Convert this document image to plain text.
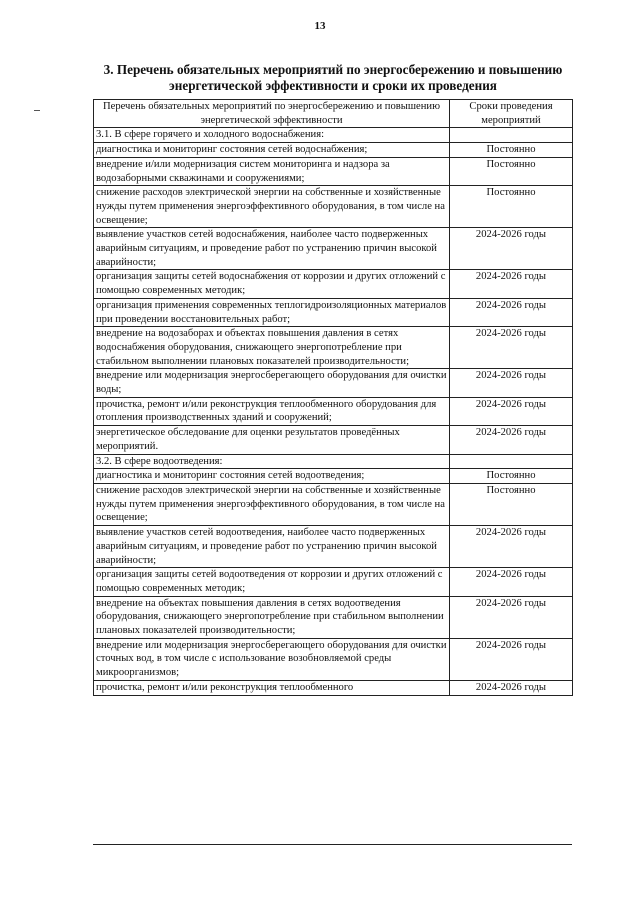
13
3. Перечень обязательных мероприятий по энергосбережению и повышению энергетической эффективности и сроки их проведения
Перечень обязательных мероприятий по энергосбережению и повышению энергетической эффективности	Сроки проведения мероприятий
3.1. В сфере горячего и холодного водоснабжения:	
диагностика и мониторинг состояния сетей водоснабжения;	Постоянно
внедрение и/или модернизация систем мониторинга и надзора за водозаборными скважинами и сооружениями;	Постоянно
снижение расходов электрической энергии на собственные и хозяйственные нужды путем применения энергоэффективного оборудования, в том числе на освещение;	Постоянно
выявление участков сетей водоснабжения, наиболее часто подверженных аварийным ситуациям, и проведение работ по устранению причин высокой аварийности;	2024-2026 годы
организация защиты сетей водоснабжения от коррозии и других отложений с помощью современных методик;	2024-2026 годы
организация применения современных теплогидроизоляционных материалов при проведении восстановительных работ;	2024-2026 годы
внедрение на водозаборах и объектах повышения давления в сетях водоснабжения оборудования, снижающего энергопотребление при стабильном выполнении плановых показателей производительности;	2024-2026 годы
внедрение или модернизация энергосберегающего оборудования для очистки воды;	2024-2026 годы
прочистка, ремонт и/или реконструкция теплообменного оборудования для отопления производственных зданий и сооружений;	2024-2026 годы
энергетическое обследование для оценки результатов проведённых мероприятий.	2024-2026 годы
3.2. В сфере водоотведения:	
диагностика и мониторинг состояния сетей водоотведения;	Постоянно
снижение расходов электрической энергии на собственные и хозяйственные нужды путем применения энергоэффективного оборудования, в том числе на освещение;	Постоянно
выявление участков сетей водоотведения, наиболее часто подверженных аварийным ситуациям, и проведение работ по устранению причин высокой аварийности;	2024-2026 годы
организация защиты сетей водоотведения от коррозии и других отложений с помощью современных методик;	2024-2026 годы
внедрение на объектах повышения давления в сетях водоотведения оборудования, снижающего энергопотребление при стабильном выполнении плановых показателей производительности;	2024-2026 годы
внедрение или модернизация энергосберегающего оборудования для очистки сточных вод, в том числе с использование возобновляемой среды микроорганизмов;	2024-2026 годы
прочистка, ремонт и/или реконструкция теплообменного	2024-2026 годы
